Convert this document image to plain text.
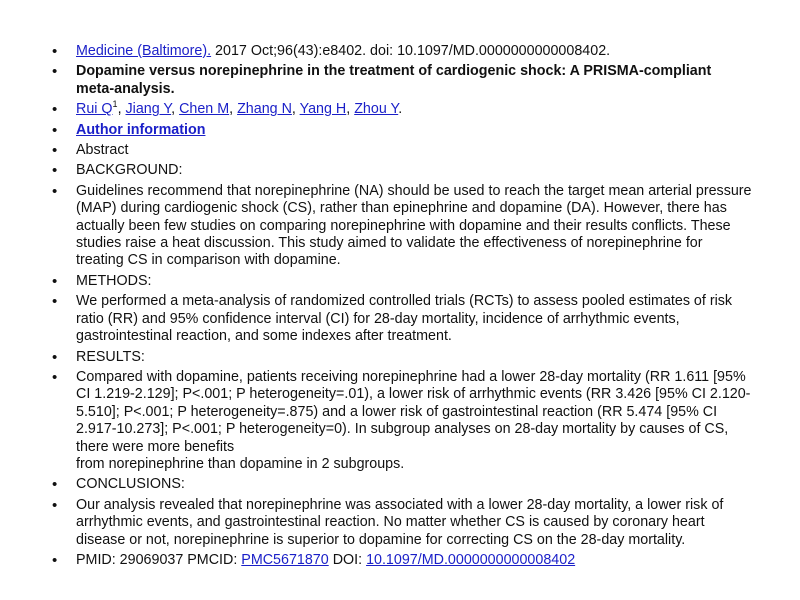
• Medicine (Baltimore). 2017 Oct;96(43):e8402. doi: 10.1097/MD.0000000000008402.
• Dopamine versus norepinephrine in the treatment of cardiogenic shock: A PRISMA-compliant meta-analysis.
• Rui $Q^1$, Jiang Y, Chen M, Zhang N, Yang H, Zhou Y.
• Author information
• Abstract
• BACKGROUND:
• Guidelines recommend that norepinephrine (NA) should be used to reach the target mean arterial pressure (MAP) during cardiogenic shock (CS), rather than epinephrine and dopamine (DA). However, there has actually been few studies on comparing norepinephrine with dopamine and their results conflicts. These studies raise a heat discussion. This study aimed to validate the effectiveness of norepinephrine for treating CS in comparison with dopamine.
• METHODS:
• We performed a meta-analysis of randomized controlled trials (RCTs) to assess pooled estimates of risk ratio (RR) and 95% confidence interval (CI) for 28-day mortality, incidence of arrhythmic events, gastrointestinal reaction, and some indexes after treatment.
• RESULTS:
• Compared with dopamine, patients receiving norepinephrine had a lower 28-day mortality (RR 1.611 [95% CI 1.219-2.129]; P<.001; P heterogeneity=.01), a lower risk of arrhythmic events (RR 3.426 [95% CI 2.120-5.510]; P<.001; P heterogeneity=.875) and a lower risk of gastrointestinal reaction (RR 5.474 [95% CI 2.917-10.273]; P<.001; P heterogeneity=0). In subgroup analyses on 28-day mortality by causes of CS, there were more benefits
from norepinephrine than dopamine in 2 subgroups.
• CONCLUSIONS:
• Our analysis revealed that norepinephrine was associated with a lower 28-day mortality, a lower risk of arrhythmic events, and gastrointestinal reaction. No matter whether CS is caused by coronary heart disease or not, norepinephrine is superior to dopamine for correcting CS on the 28-day mortality.
• PMID: 29069037 PMCID: PMC5671870 DOI: 10.1097/MD.0000000000008402
